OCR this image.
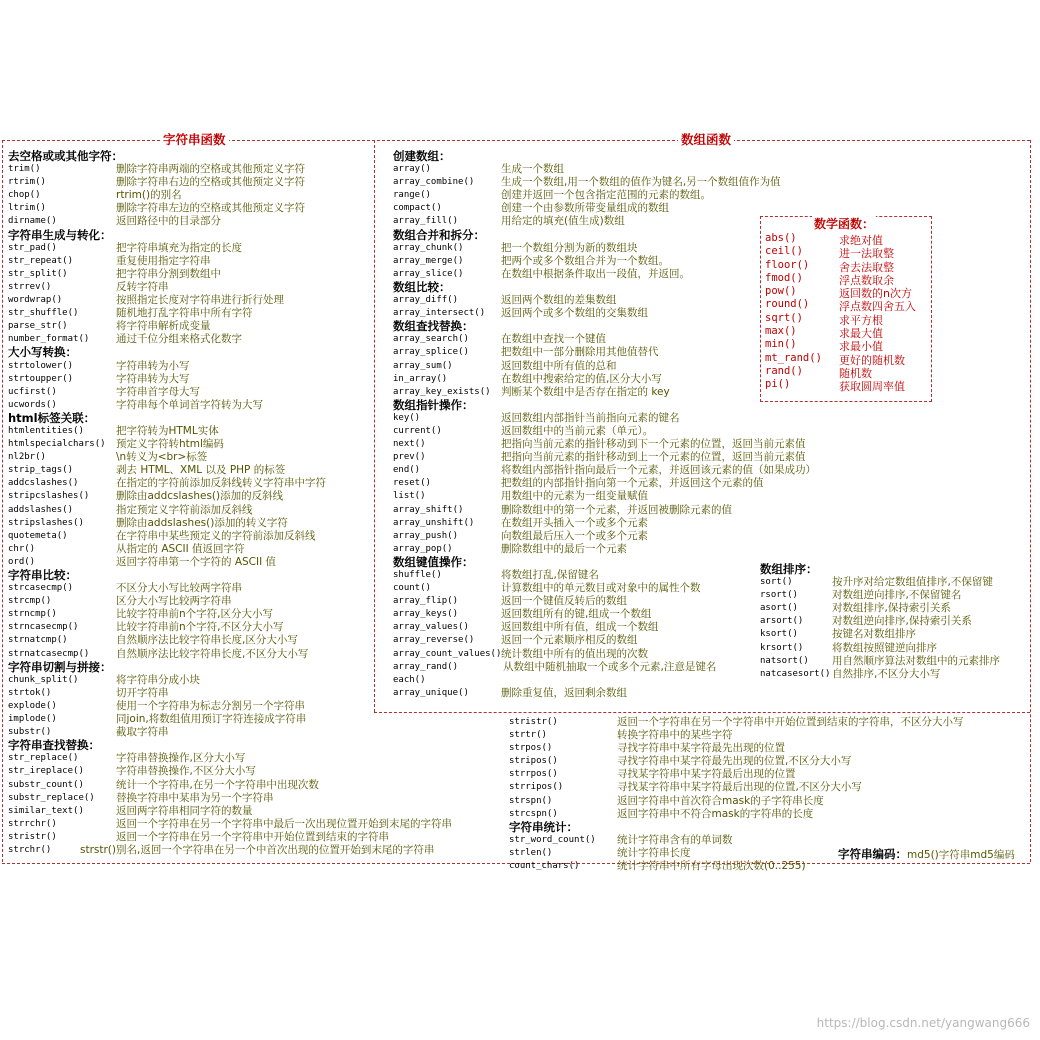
字符串函数	数组函数
去空格或或其他字符：
trim()	删除字符串两端的空格或其他预定义字符
rtrim()	删除字符串右边的空格或其他预定义字符
chop()	rtrim()的别名
ltrim()	删除字符串左边的空格或其他预定义字符
dirname()	返回路径中的目录部分
字符串生成与转化：
str_pad()	把字符串填充为指定的长度
str_repeat()	重复使用指定字符串
str_split()	把字符串分割到数组中
strrev()	反转字符串
wordwrap()	按照指定长度对字符串进行折行处理
str_shuffle()	随机地打乱字符串中所有字符
parse_str()	将字符串解析成变量
number_format()	通过千位分组来格式化数字
大小写转换：
strtolower()	字符串转为小写
strtoupper()	字符串转为大写
ucfirst()	字符串首字母大写
ucwords()	字符串每个单词首字符转为大写
html标签关联：
htmlentities()	把字符转为HTML实体
htmlspecialchars() 预定义字符转html编码
nl2br()	\n转义为<br>标签
strip_tags()	剥去 HTML、XML 以及 PHP 的标签
addcslashes()	在指定的字符前添加反斜线转义字符串中字符
stripcslashes()	删除由addcslashes()添加的反斜线
addslashes()	指定预定义字符前添加反斜线
stripslashes()	删除由addslashes()添加的转义字符
quotemeta()	在字符串中某些预定义的字符前添加反斜线
chr()	从指定的 ASCII 值返回字符
ord()	返回字符串第一个字符的 ASCII 值
字符串比较：
strcasecmp()	不区分大小写比较两字符串
strcmp()	区分大小写比较两字符串
strncmp()	比较字符串前n个字符,区分大小写
strncasecmp()	比较字符串前n个字符,不区分大小写
strnatcmp()	自然顺序法比较字符串长度,区分大小写
strnatcasecmp()	自然顺序法比较字符串长度,不区分大小写
字符串切割与拼接：
chunk_split()	将字符串分成小块
strtok()	切开字符串
explode()	使用一个字符串为标志分割另一个字符串
implode()	同join,将数组值用预订字符连接成字符串
substr()	截取字符串
字符串查找替换：
str_replace()	字符串替换操作,区分大小写
str_ireplace()	字符串替换操作,不区分大小写
substr_count()	统计一个字符串,在另一个字符串中出现次数
substr_replace()	替换字符串中某串为另一个字符串
similar_text()	返回两字符串相同字符的数量
strrchr()	返回一个字符串在另一个字符串中最后一次出现位置开始到末尾的字符串
stristr()	返回一个字符串在另一个字符串中开始位置到结束的字符串
strchr()	strstr()别名,返回一个字符串在另一个中首次出现的位置开始到末尾的字符串
创建数组：
array()	生成一个数组
array_combine()	生成一个数组,用一个数组的值作为键名,另一个数组值作为值
range()	创建并返回一个包含指定范围的元素的数组。
compact()	创建一个由参数所带变量组成的数组
array_fill()	用给定的填充(值生成)数组
数组合并和拆分：
array_chunk()	把一个数组分割为新的数组块
array_merge()	把两个或多个数组合并为一个数组。
array_slice()	在数组中根据条件取出一段值，并返回。
数组比较：
array_diff()	返回两个数组的差集数组
array_intersect()	返回两个或多个数组的交集数组
数组查找替换：
array_search()	在数组中查找一个键值
array_splice()	把数组中一部分删除用其他值替代
array_sum()	返回数组中所有值的总和
in_array()	在数组中搜索给定的值,区分大小写
array_key_exists() 判断某个数组中是否存在指定的 key
数组指针操作：
key()	返回数组内部指针当前指向元素的键名
current()	返回数组中的当前元素（单元）。
next()	把指向当前元素的指针移动到下一个元素的位置，返回当前元素值
prev()	把指向当前元素的指针移动到上一个元素的位置，返回当前元素值
end()	将数组内部指针指向最后一个元素，并返回该元素的值（如果成功）
reset()	把数组的内部指针指向第一个元素，并返回这个元素的值
list()	用数组中的元素为一组变量赋值
array_shift()	删除数组中的第一个元素，并返回被删除元素的值
array_unshift()	在数组开头插入一个或多个元素
array_push()	向数组最后压入一个或多个元素
array_pop()	删除数组中的最后一个元素
数组键值操作：
shuffle()	将数组打乱,保留键名
count()	计算数组中的单元数目或对象中的属性个数
array_flip()	返回一个键值反转后的数组
array_keys()	返回数组所有的键,组成一个数组
array_values()	返回数组中所有值，组成一个数组
array_reverse()	返回一个元素顺序相反的数组
array_count_values() 统计数组中所有的值出现的次数
array_rand()	从数组中随机抽取一个或多个元素,注意是键名
each()
array_unique()	删除重复值，返回剩余数组
abs()	求绝对值
ceil()	进一法取整
floor()	舍去法取整
fmod()	浮点数取余
pow()	返回数的n次方
round()	浮点数四舍五入
sqrt()	求平方根
max()	求最大值
min()	求最小值
mt_rand()	更好的随机数
rand()	随机数
pi()	获取圆周率值
数学函数：
数组排序：
sort()	按升序对给定数组值排序,不保留键
rsort()	对数组逆向排序,不保留键名
asort()	对数组排序,保持索引关系
arsort()	对数组逆向排序,保持索引关系
ksort()	按键名对数组排序
krsort()	将数组按照键逆向排序
natsort()	用自然顺序算法对数组中的元素排序
natcasesort() 自然排序,不区分大小写
stristr()	返回一个字符串在另一个字符串中开始位置到结束的字符串，不区分大小写
strtr()	转换字符串中的某些字符
strpos()	寻找字符串中某字符最先出现的位置
stripos()	寻找字符串中某字符最先出现的位置,不区分大小写
strrpos()	寻找某字符串中某字符最后出现的位置
strripos()	寻找某字符串中某字符最后出现的位置,不区分大小写
strspn()	返回字符串中首次符合mask的子字符串长度
strcspn()	返回字符串中不符合mask的字符串的长度
字符串统计：
str_word_count()	统计字符串含有的单词数
strlen()	统计字符串长度
count_chars()	统计字符串中所有字母出现次数(0..255)
字符串编码：md5()字符串md5编码
https://blog.csdn.net/yangwang666
